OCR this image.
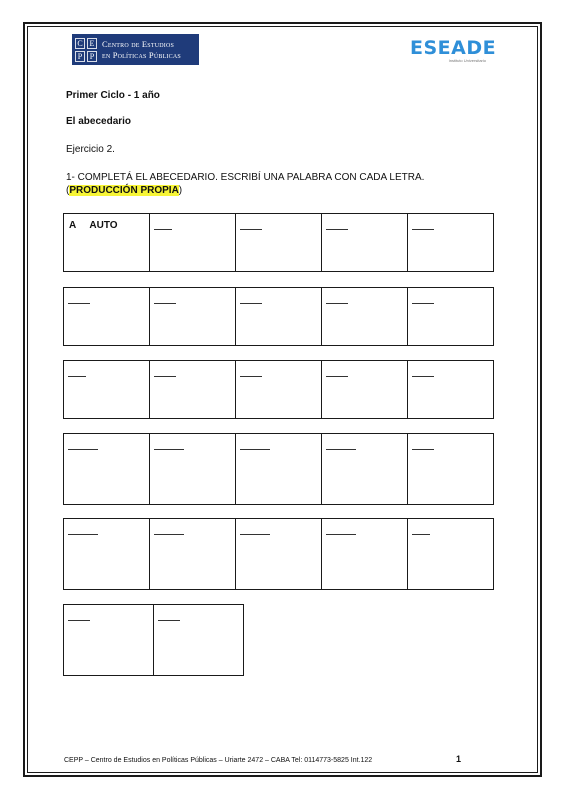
C E
P P
Centro de Estudios
en Políticas Públicas	ESEADE
Instituto Universitario
Primer Ciclo - 1 año
El abecedario
Ejercicio 2.
1- COMPLETÁ EL ABECEDARIO. ESCRIBÍ UNA PALABRA CON CADA LETRA.
(PRODUCCIÓN PROPIA)
A     AUTO
CEPP – Centro de Estudios en Políticas Públicas – Uriarte 2472 – CABA Tel: 0114773-5825 Int.122	1
